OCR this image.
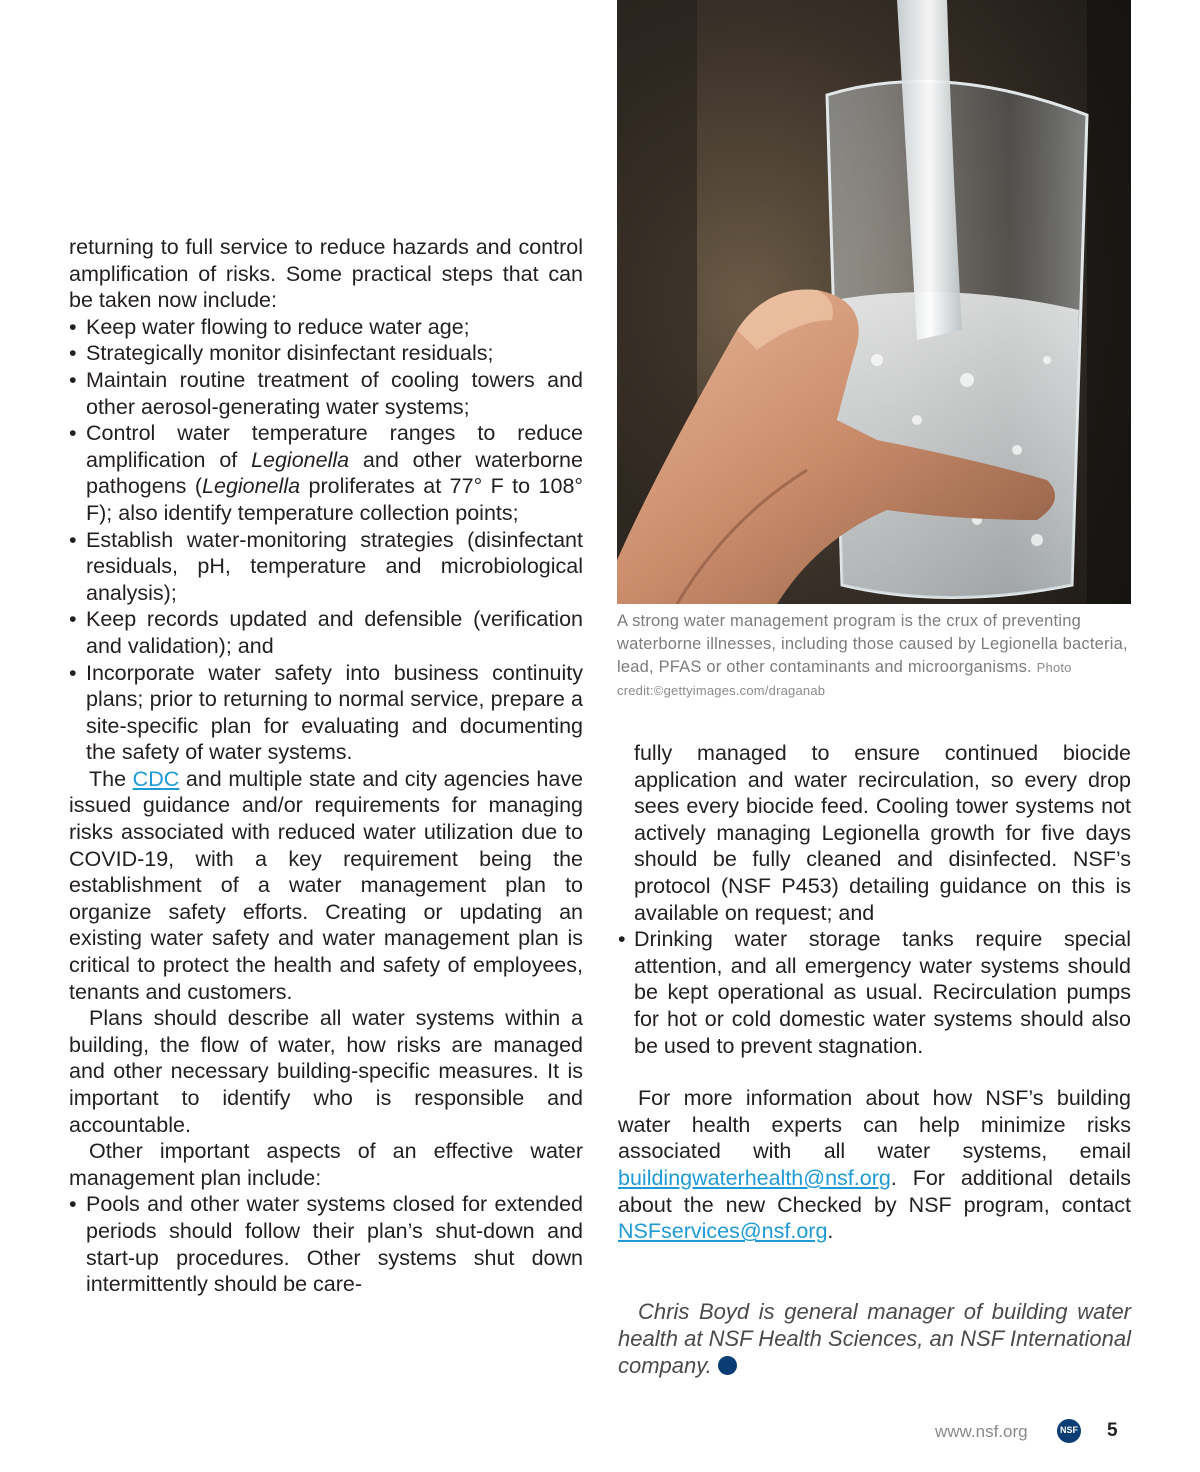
A strong water management program is the crux of preventing waterborne illnesses, including those caused by Legionella bacteria, lead, PFAS or other contaminants and microorganisms. Photo credit:©gettyimages.com/draganab

returning to full service to reduce hazards and control amplification of risks. Some practical steps that can be taken now include:

• Keep water flowing to reduce water age;
• Strategically monitor disinfectant residuals;
• Maintain routine treatment of cooling towers and other aerosol-generating water systems;
• Control water temperature ranges to reduce amplification of Legionella and other waterborne pathogens (Legionella proliferates at 77° F to 108° F); also identify temperature collection points;
• Establish water-monitoring strategies (disinfectant residuals, pH, temperature and microbiological analysis);
• Keep records updated and defensible (verification and validation); and
• Incorporate water safety into business continuity plans; prior to returning to normal service, prepare a site-specific plan for evaluating and documenting the safety of water systems.

The CDC and multiple state and city agencies have issued guidance and/or requirements for managing risks associated with reduced water utilization due to COVID-19, with a key requirement being the establishment of a water management plan to organize safety efforts. Creating or updating an existing water safety and water management plan is critical to protect the health and safety of employees, tenants and customers.

Plans should describe all water systems within a building, the flow of water, how risks are managed and other necessary building-specific measures. It is important to identify who is responsible and accountable.

Other important aspects of an effective water management plan include:

• Pools and other water systems closed for extended periods should follow their plan’s shut-down and start-up procedures. Other systems shut down intermittently should be care-
fully managed to ensure continued biocide application and water recirculation, so every drop sees every biocide feed. Cooling tower systems not actively managing Legionella growth for five days should be fully cleaned and disinfected. NSF’s protocol (NSF P453) detailing guidance on this is available on request; and
• Drinking water storage tanks require special attention, and all emergency water systems should be kept operational as usual. Recirculation pumps for hot or cold domestic water systems should also be used to prevent stagnation.

For more information about how NSF’s building water health experts can help minimize risks associated with all water systems, email buildingwaterhealth@nsf.org. For additional details about the new Checked by NSF program, contact NSFservices@nsf.org.

Chris Boyd is general manager of building water health at NSF Health Sciences, an NSF International company.	NSF

www.nsf.org	NSF 5
